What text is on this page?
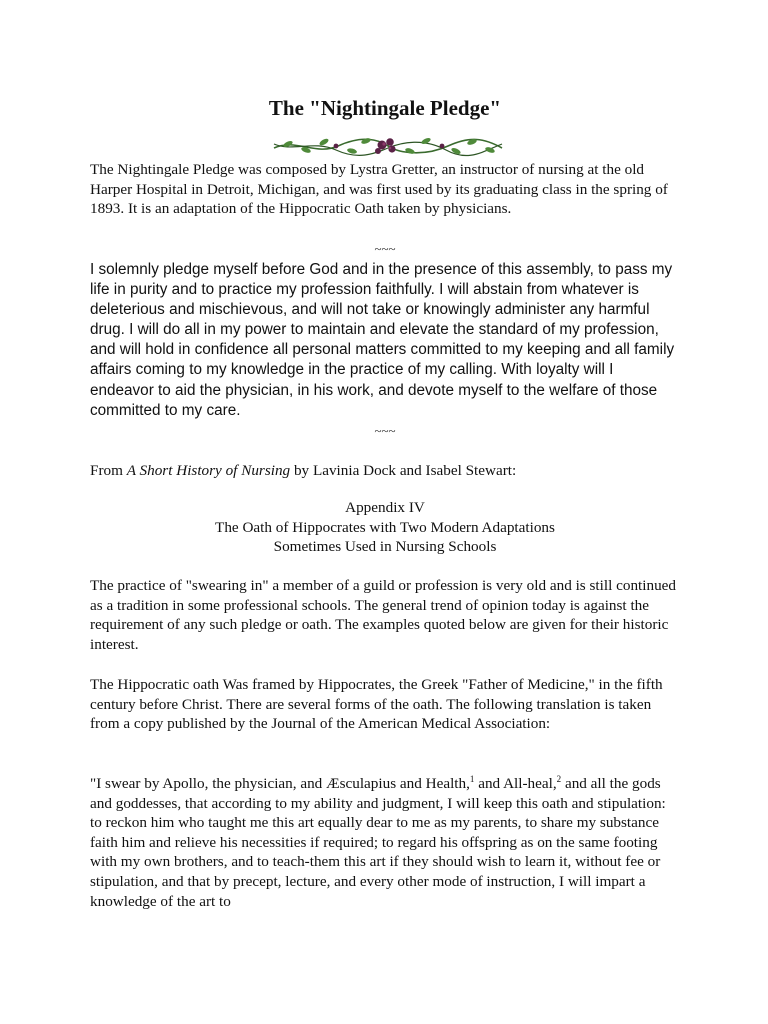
The "Nightingale Pledge"

The Nightingale Pledge was composed by Lystra Gretter, an instructor of nursing at the old Harper Hospital in Detroit, Michigan, and was first used by its graduating class in the spring of 1893. It is an adaptation of the Hippocratic Oath taken by physicians.

~~~

I solemnly pledge myself before God and in the presence of this assembly, to pass my life in purity and to practice my profession faithfully. I will abstain from whatever is deleterious and mischievous, and will not take or knowingly administer any harmful drug. I will do all in my power to maintain and elevate the standard of my profession, and will hold in confidence all personal matters committed to my keeping and all family affairs coming to my knowledge in the practice of my calling. With loyalty will I endeavor to aid the physician, in his work, and devote myself to the welfare of those committed to my care.

~~~

From A Short History of Nursing by Lavinia Dock and Isabel Stewart:

Appendix IV
The Oath of Hippocrates with Two Modern Adaptations
Sometimes Used in Nursing Schools

The practice of "swearing in" a member of a guild or profession is very old and is still continued as a tradition in some professional schools. The general trend of opinion today is against the requirement of any such pledge or oath. The examples quoted below are given for their historic interest.

The Hippocratic oath Was framed by Hippocrates, the Greek "Father of Medicine," in the fifth century before Christ. There are several forms of the oath. The following translation is taken from a copy published by the Journal of the American Medical Association:

"I swear by Apollo, the physician, and Æsculapius and Health,$^1$ and All-heal,$^2$ and all the gods and goddesses, that according to my ability and judgment, I will keep this oath and stipulation: to reckon him who taught me this art equally dear to me as my parents, to share my substance faith him and relieve his necessities if required; to regard his offspring as on the same footing with my own brothers, and to teach-them this art if they should wish to learn it, without fee or stipulation, and that by precept, lecture, and every other mode of instruction, I will impart a knowledge of the art to
